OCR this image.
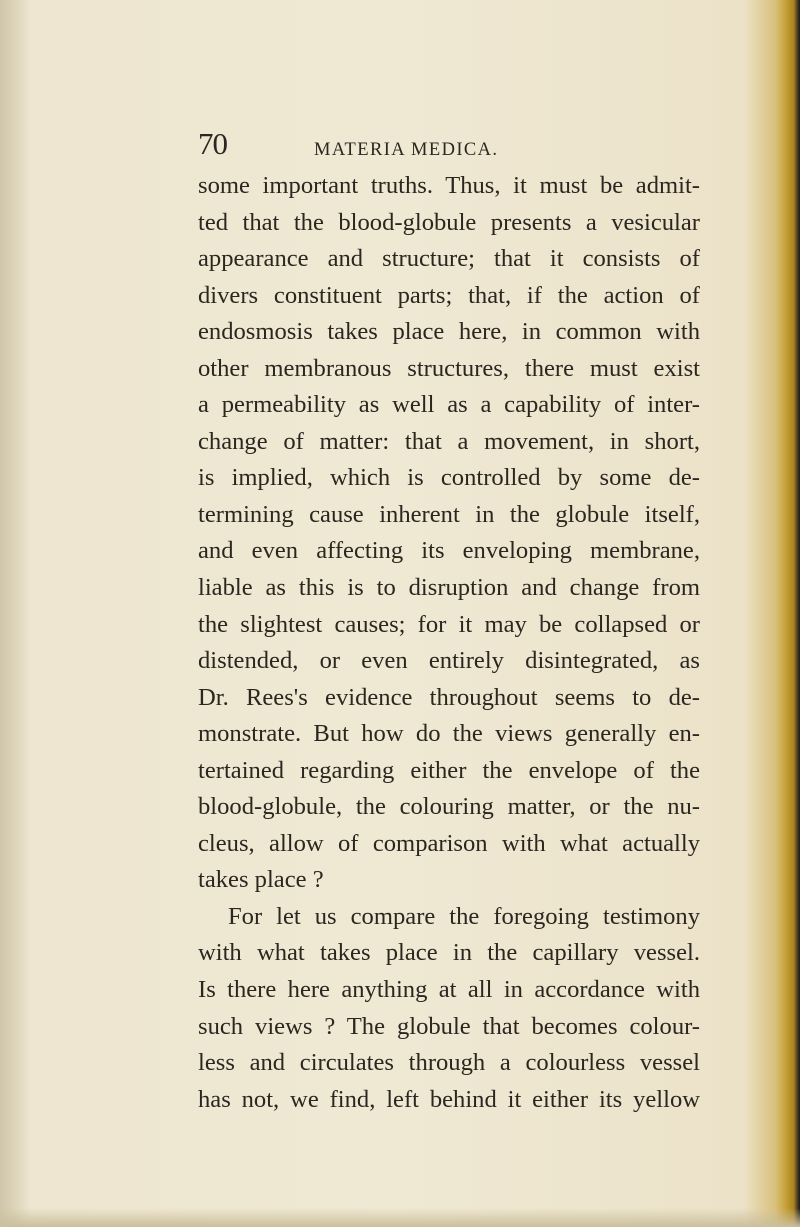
70	MATERIA MEDICA.
some important truths. Thus, it must be admit-
ted that the blood-globule presents a vesicular
appearance and structure; that it consists of
divers constituent parts; that, if the action of
endosmosis takes place here, in common with
other membranous structures, there must exist
a permeability as well as a capability of inter-
change of matter: that a movement, in short,
is implied, which is controlled by some de-
termining cause inherent in the globule itself,
and even affecting its enveloping membrane,
liable as this is to disruption and change from
the slightest causes; for it may be collapsed or
distended, or even entirely disintegrated, as
Dr. Rees's evidence throughout seems to de-
monstrate. But how do the views generally en-
tertained regarding either the envelope of the
blood-globule, the colouring matter, or the nu-
cleus, allow of comparison with what actually
takes place ?
For let us compare the foregoing testimony
with what takes place in the capillary vessel.
Is there here anything at all in accordance with
such views ? The globule that becomes colour-
less and circulates through a colourless vessel
has not, we find, left behind it either its yellow
